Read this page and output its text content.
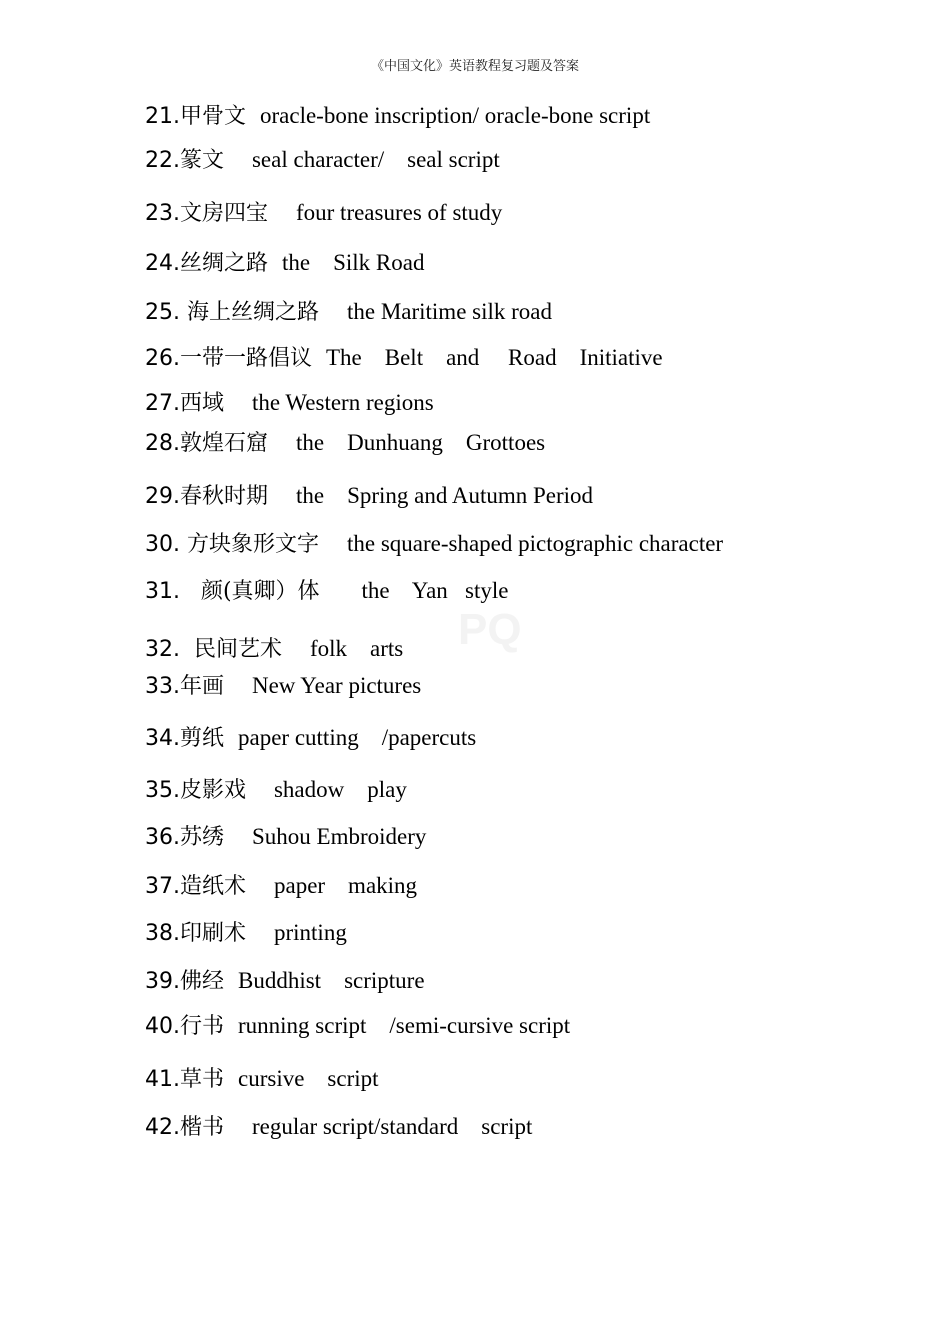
《中国文化》英语教程复习题及答案
PQ
21. 甲骨文 oracle-bone inscription/ oracle-bone script
22. 篆文 seal character/    seal script
23. 文房四宝 four treasures of study
24. 丝绸之路 the    Silk Road
25. 海上丝绸之路 the Maritime silk road
26. 一带一路倡议 The    Belt    and     Road    Initiative
27. 西域 the Western regions
28. 敦煌石窟 the    Dunhuang    Grottoes
29. 春秋时期 the    Spring and Autumn Period
30. 方块象形文字 the square-shaped pictographic character
31. 颜(真卿）体 the    Yan   style
32. 民间艺术 folk    arts
33. 年画 New Year pictures
34. 剪纸 paper cutting    /papercuts
35. 皮影戏 shadow    play
36. 苏绣 Suhou Embroidery
37. 造纸术 paper    making
38. 印刷术 printing
39. 佛经 Buddhist    scripture
40. 行书 running script    /semi-cursive script
41. 草书 cursive    script
42. 楷书 regular script/standard    script
